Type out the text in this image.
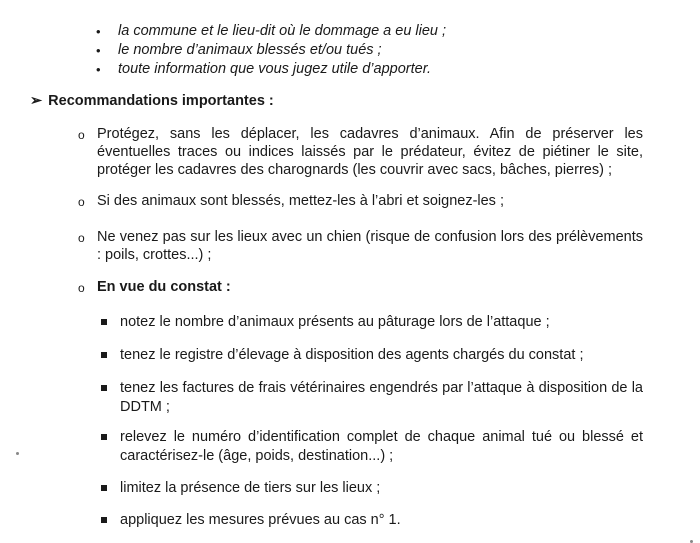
• la commune et le lieu-dit où le dommage a eu lieu ;
• le nombre d’animaux blessés et/ou tués ;
• toute information que vous jugez utile d’apporter.
➢ Recommandations importantes :
o Protégez, sans les déplacer, les cadavres d’animaux. Afin de préserver les éventuelles traces ou indices laissés par le prédateur, évitez de piétiner le site, protéger les cadavres des charognards (les couvrir avec sacs, bâches, pierres) ;
o Si des animaux sont blessés, mettez-les à l’abri et soignez-les ;
o Ne venez pas sur les lieux avec un chien (risque de confusion lors des prélèvements : poils, crottes...) ;
o En vue du constat :
notez le nombre d’animaux présents au pâturage lors de l’attaque ;
tenez le registre d’élevage à disposition des agents chargés du constat ;
tenez les factures de frais vétérinaires engendrés par l’attaque à disposition de la DDTM ;
relevez le numéro d’identification complet de chaque animal tué ou blessé et caractérisez-le (âge, poids, destination...) ;
limitez la présence de tiers sur les lieux ;
appliquez les mesures prévues au cas n° 1.
